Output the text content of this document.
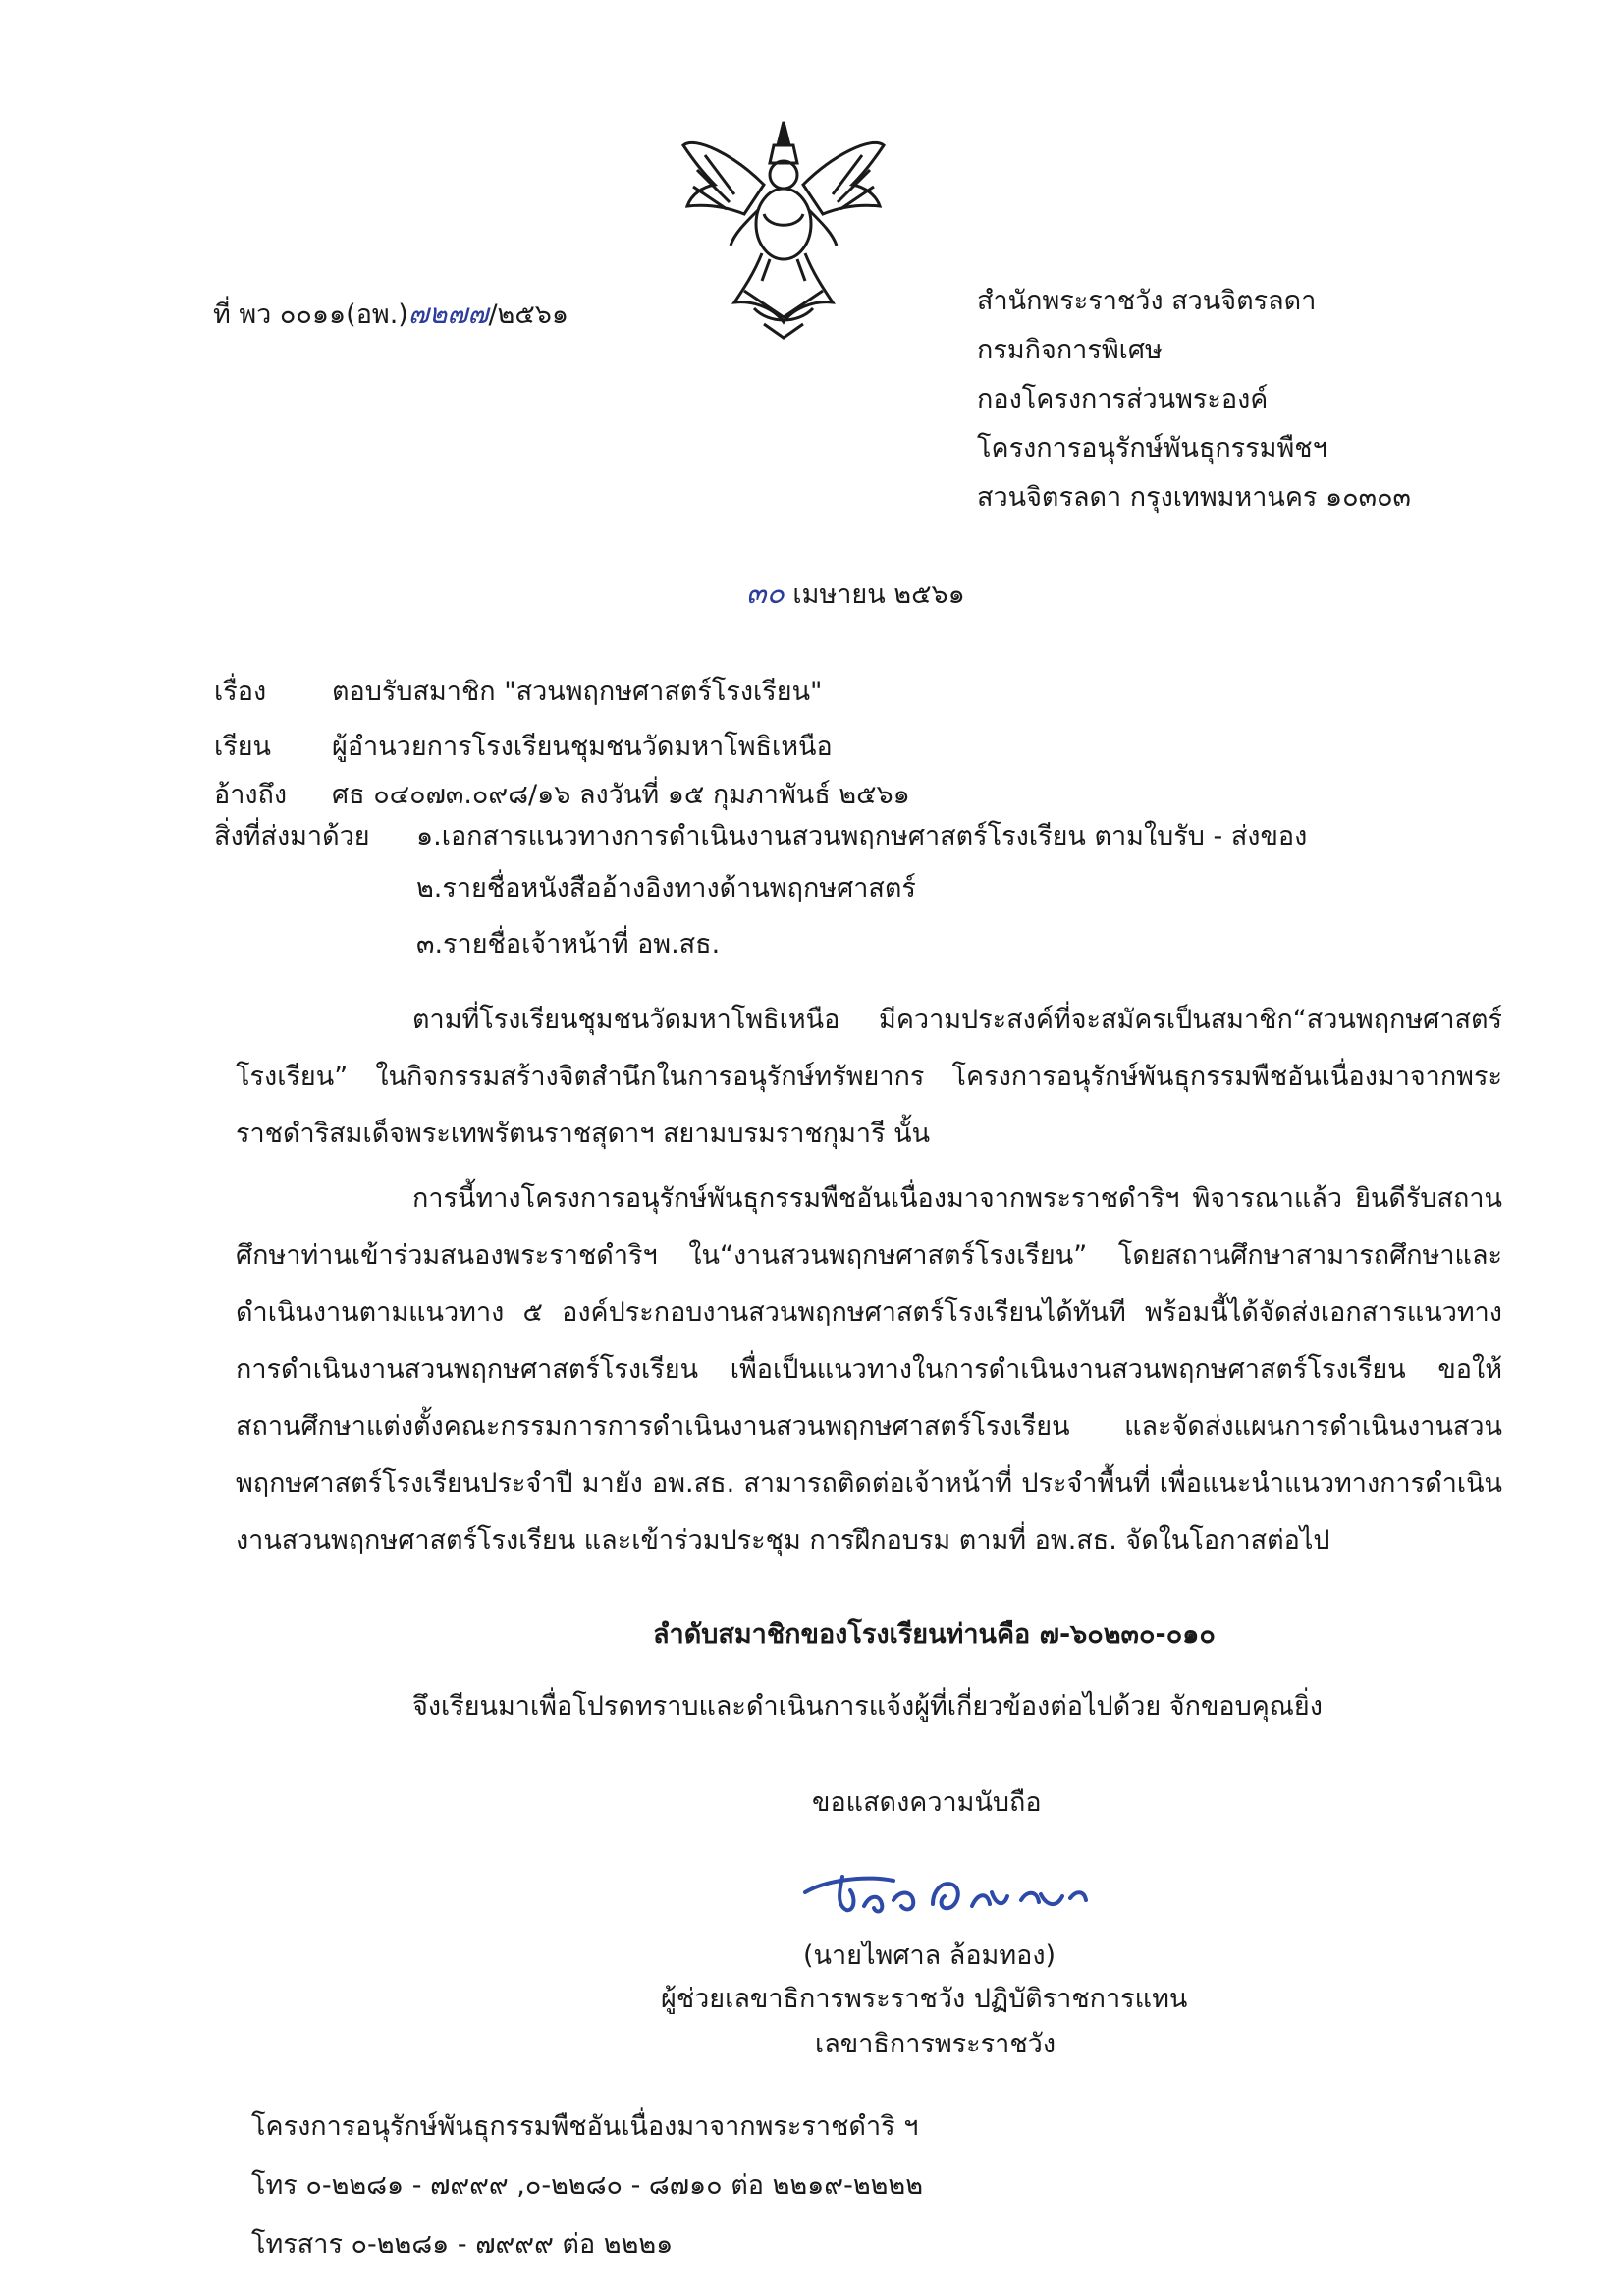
ที่ พว ๐๐๑๑(อพ.)๗๒๗๗/๒๕๖๑	สำนักพระราชวัง สวนจิตรลดา
กรมกิจการพิเศษ
กองโครงการส่วนพระองค์
โครงการอนุรักษ์พันธุกรรมพืชฯ
สวนจิตรลดา กรุงเทพมหานคร ๑๐๓๐๓
๓๐ เมษายน ๒๕๖๑
เรื่อง ตอบรับสมาชิก "สวนพฤกษศาสตร์โรงเรียน"
เรียน ผู้อำนวยการโรงเรียนชุมชนวัดมหาโพธิเหนือ
อ้างถึง ศธ ๐๔๐๗๓.๐๙๘/๑๖ ลงวันที่ ๑๕ กุมภาพันธ์ ๒๕๖๑
สิ่งที่ส่งมาด้วย ๑.เอกสารแนวทางการดำเนินงานสวนพฤกษศาสตร์โรงเรียน ตามใบรับ - ส่งของ
๒.รายชื่อหนังสืออ้างอิงทางด้านพฤกษศาสตร์
๓.รายชื่อเจ้าหน้าที่ อพ.สธ.
ตามที่โรงเรียนชุมชนวัดมหาโพธิเหนือ มีความประสงค์ที่จะสมัครเป็นสมาชิก“สวนพฤกษศาสตร์โรงเรียน” ในกิจกรรมสร้างจิตสำนึกในการอนุรักษ์ทรัพยากร โครงการอนุรักษ์พันธุกรรมพืชอันเนื่องมาจากพระราชดำริสมเด็จพระเทพรัตนราชสุดาฯ สยามบรมราชกุมารี นั้น
การนี้ทางโครงการอนุรักษ์พันธุกรรมพืชอันเนื่องมาจากพระราชดำริฯ พิจารณาแล้ว ยินดีรับสถานศึกษาท่านเข้าร่วมสนองพระราชดำริฯ ใน“งานสวนพฤกษศาสตร์โรงเรียน” โดยสถานศึกษาสามารถศึกษาและดำเนินงานตามแนวทาง ๕ องค์ประกอบงานสวนพฤกษศาสตร์โรงเรียนได้ทันที พร้อมนี้ได้จัดส่งเอกสารแนวทางการดำเนินงานสวนพฤกษศาสตร์โรงเรียน เพื่อเป็นแนวทางในการดำเนินงานสวนพฤกษศาสตร์โรงเรียน ขอให้สถานศึกษาแต่งตั้งคณะกรรมการการดำเนินงานสวนพฤกษศาสตร์โรงเรียน และจัดส่งแผนการดำเนินงานสวนพฤกษศาสตร์โรงเรียนประจำปี มายัง อพ.สธ. สามารถติดต่อเจ้าหน้าที่ ประจำพื้นที่ เพื่อแนะนำแนวทางการดำเนินงานสวนพฤกษศาสตร์โรงเรียน และเข้าร่วมประชุม การฝึกอบรม ตามที่ อพ.สธ. จัดในโอกาสต่อไป
ลำดับสมาชิกของโรงเรียนท่านคือ ๗-๖๐๒๓๐-๐๑๐
จึงเรียนมาเพื่อโปรดทราบและดำเนินการแจ้งผู้ที่เกี่ยวข้องต่อไปด้วย จักขอบคุณยิ่ง
ขอแสดงความนับถือ
(นายไพศาล ล้อมทอง)
ผู้ช่วยเลขาธิการพระราชวัง ปฏิบัติราชการแทน
เลขาธิการพระราชวัง
โครงการอนุรักษ์พันธุกรรมพืชอันเนื่องมาจากพระราชดำริ ฯ
โทร ๐-๒๒๘๑ - ๗๙๙๙ ,๐-๒๒๘๐ - ๘๗๑๐ ต่อ ๒๒๑๙-๒๒๒๒
โทรสาร ๐-๒๒๘๑ - ๗๙๙๙ ต่อ ๒๒๒๑
